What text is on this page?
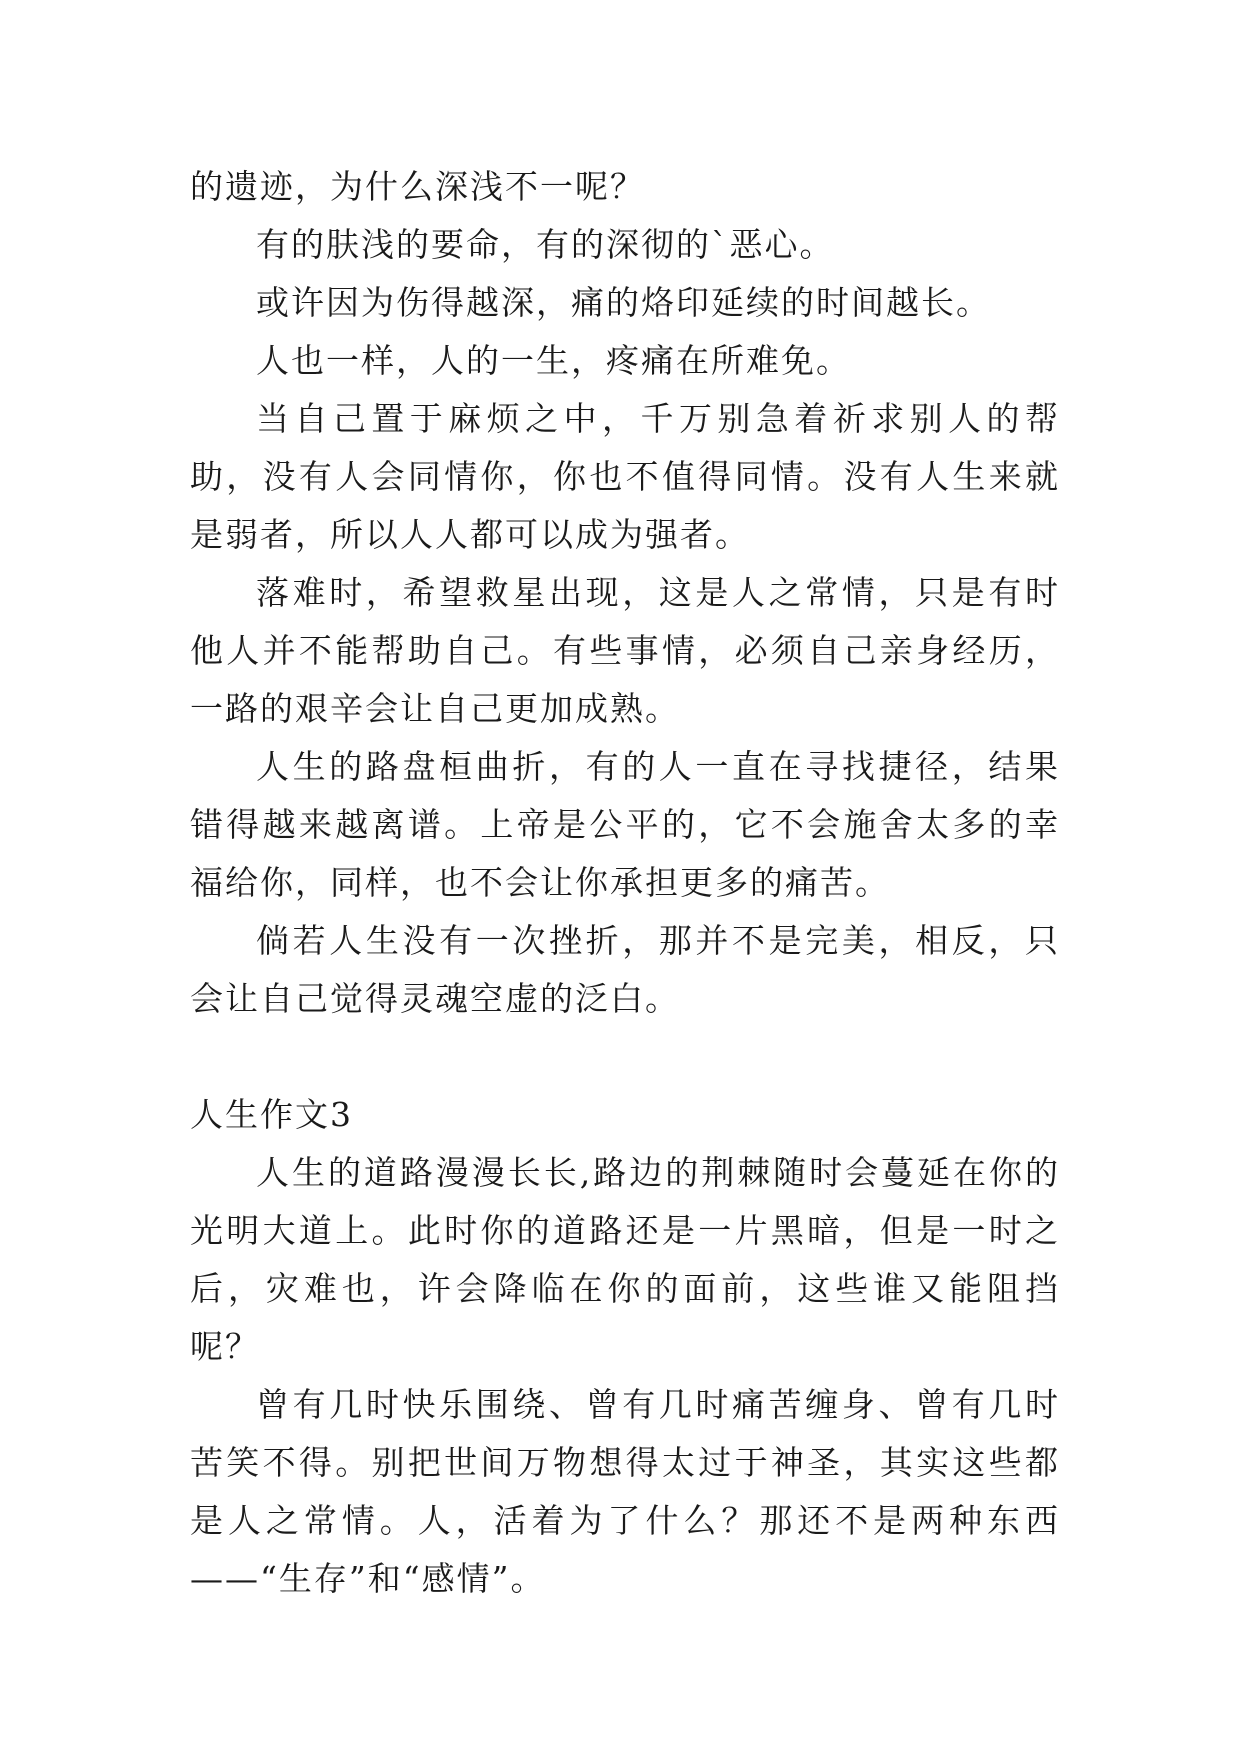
的遗迹，为什么深浅不一呢？

有的肤浅的要命，有的深彻的`恶心。

或许因为伤得越深，痛的烙印延续的时间越长。

人也一样，人的一生，疼痛在所难免。

当自己置于麻烦之中，千万别急着祈求别人的帮助，没有人会同情你，你也不值得同情。没有人生来就是弱者，所以人人都可以成为强者。

落难时，希望救星出现，这是人之常情，只是有时他人并不能帮助自己。有些事情，必须自己亲身经历，一路的艰辛会让自己更加成熟。

人生的路盘桓曲折，有的人一直在寻找捷径，结果错得越来越离谱。上帝是公平的，它不会施舍太多的幸福给你，同样，也不会让你承担更多的痛苦。

倘若人生没有一次挫折，那并不是完美，相反，只会让自己觉得灵魂空虚的泛白。

人生作文3

人生的道路漫漫长长,路边的荆棘随时会蔓延在你的光明大道上。此时你的道路还是一片黑暗，但是一时之后，灾难也，许会降临在你的面前，这些谁又能阻挡呢？

曾有几时快乐围绕、曾有几时痛苦缠身、曾有几时苦笑不得。别把世间万物想得太过于神圣，其实这些都是人之常情。人，活着为了什么？那还不是两种东西——“生存”和“感情”。
